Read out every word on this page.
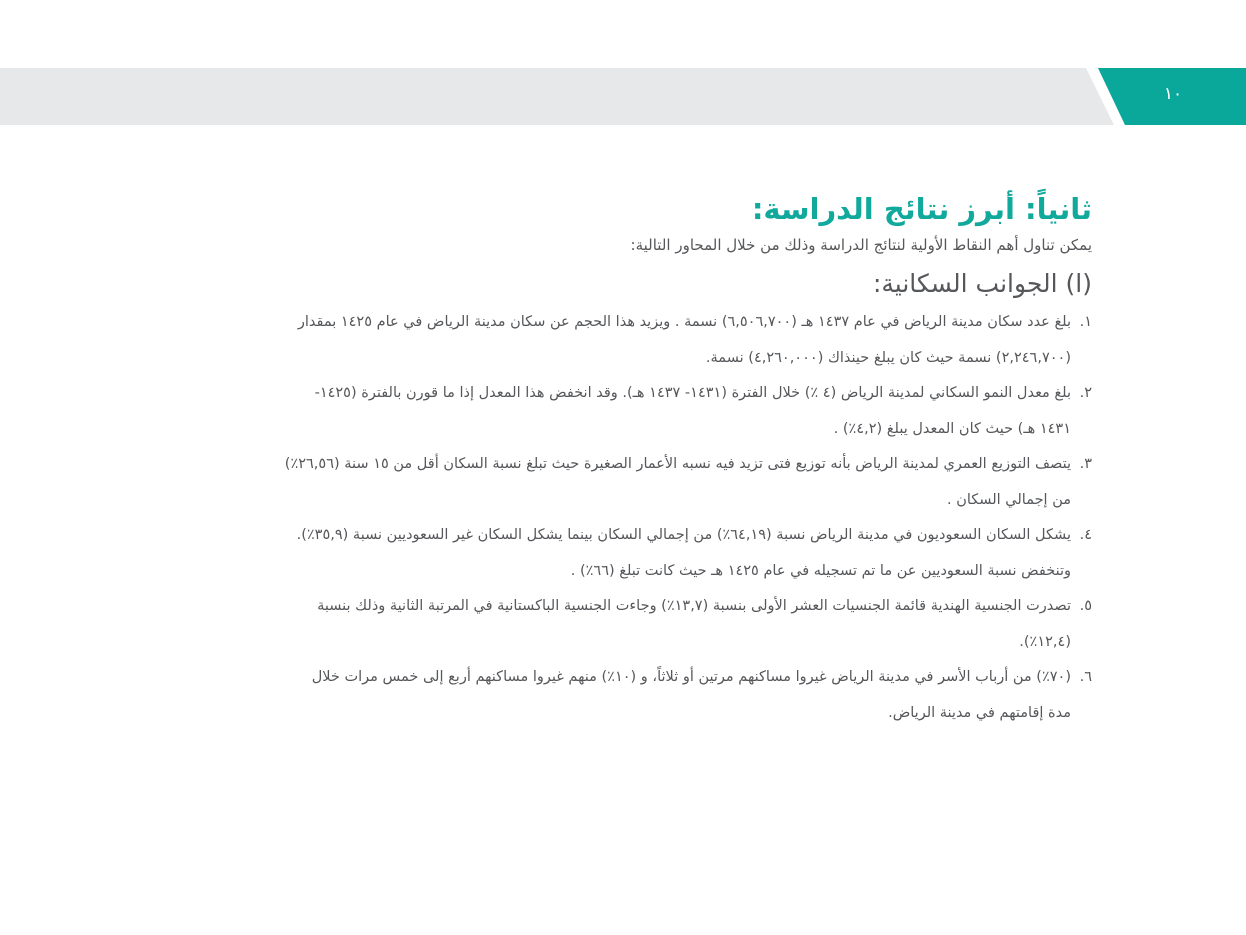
١٠
ثانياً: أبرز نتائج الدراسة:

يمكن تناول أهم النقاط الأولية لنتائج الدراسة وذلك من خلال المحاور التالية:

(ا) الجوانب السكانية:
١.
بلغ عدد سكان مدينة الرياض في عام ١٤٣٧ هـ (٦,٥٠٦,٧٠٠) نسمة . ويزيد هذا الحجم عن سكان مدينة الرياض في عام ١٤٢٥ بمقدار
(٢,٢٤٦,٧٠٠) نسمة حيث كان يبلغ حينذاك (٤,٢٦٠,٠٠٠) نسمة.
٢.
بلغ معدل النمو السكاني لمدينة الرياض (٤ ٪) خلال الفترة (١٤٣١- ١٤٣٧ هـ). وقد انخفض هذا المعدل إذا ما قورن بالفترة (١٤٢٥-
١٤٣١ هـ) حيث كان المعدل يبلغ (٤,٢٪) .
٣.
يتصف التوزيع العمري لمدينة الرياض بأنه توزيع فتى تزيد فيه نسبه الأعمار الصغيرة حيث تبلغ نسبة السكان أقل من ١٥ سنة (٢٦,٥٦٪)
من إجمالي السكان .
٤.
يشكل السكان السعوديون في مدينة الرياض نسبة (٦٤,١٩٪) من إجمالي السكان بينما يشكل السكان غير السعوديين نسبة (٣٥,٩٪).
وتنخفض نسبة السعوديين عن ما تم تسجيله في عام ١٤٢٥ هـ حيث كانت تبلغ (٦٦٪) .
٥.
تصدرت الجنسية الهندية قائمة الجنسيات العشر الأولى بنسبة (١٣,٧٪) وجاءت الجنسية الباكستانية في المرتبة الثانية وذلك بنسبة
(١٢,٤٪).
٦.
(٧٠٪) من أرباب الأسر في مدينة الرياض غيروا مساكنهم مرتين أو ثلاثاً، و (١٠٪) منهم غيروا مساكنهم أربع إلى خمس مرات خلال
مدة إقامتهم في مدينة الرياض.
